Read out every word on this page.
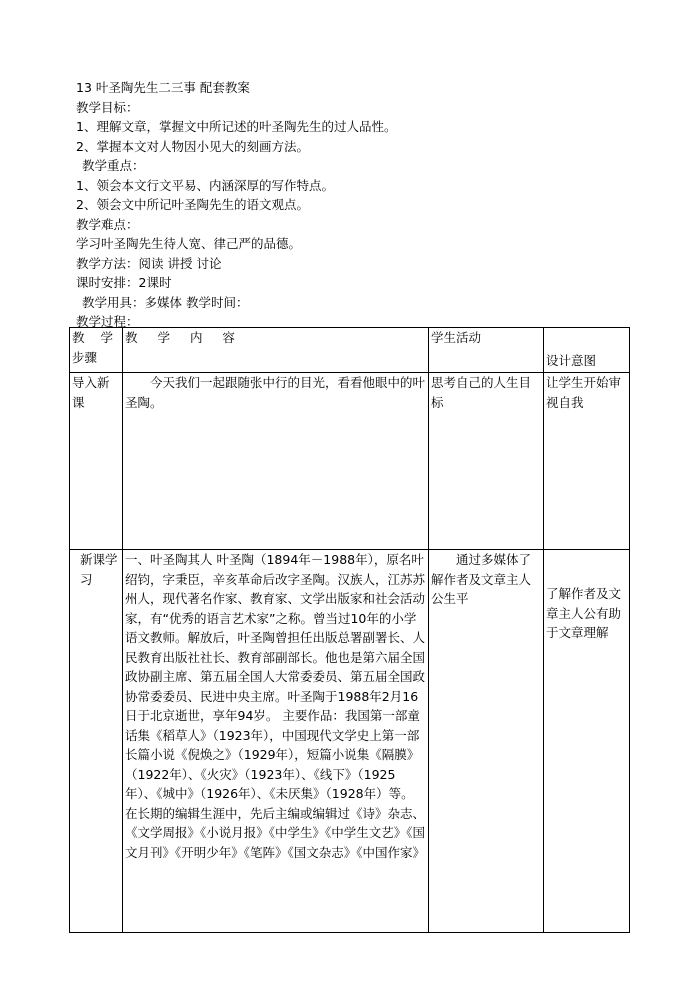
13 叶圣陶先生二三事 配套教案
教学目标：
1、理解文章，掌握文中所记述的叶圣陶先生的过人品性。
2、掌握本文对人物因小见大的刻画方法。
教学重点：
1、领会本文行文平易、内涵深厚的写作特点。
2、领会文中所记叶圣陶先生的语文观点。
教学难点：
学习叶圣陶先生待人宽、律己严的品德。
教学方法：阅读 讲授 讨论
课时安排：2课时
教学用具：多媒体 教学时间：
教学过程：
教 学
步骤	教 学 内 容	学生活动	设计意图
导入新课	今天我们一起跟随张中行的目光，看看他眼中的叶圣陶。	思考自己的人生目标	让学生开始审视自我
新课学习	一、叶圣陶其人 叶圣陶（1894年－1988年），原名叶绍钧，字秉臣，辛亥革命后改字圣陶。汉族人，江苏苏州人，现代著名作家、教育家、文学出版家和社会活动家，有“优秀的语言艺术家”之称。曾当过10年的小学语文教师。解放后，叶圣陶曾担任出版总署副署长、人民教育出版社社长、教育部副部长。他也是第六届全国政协副主席、第五届全国人大常委委员、第五届全国政协常委委员、民进中央主席。叶圣陶于1988年2月16日于北京逝世，享年94岁。 主要作品：我国第一部童话集《稻草人》（1923年），中国现代文学史上第一部长篇小说《倪焕之》（1929年），短篇小说集《隔膜》（1922年）、《火灾》（1923年）、《线下》（1925年）、《城中》（1926年）、《未厌集》（1928年）等。在长期的编辑生涯中，先后主编或编辑过《诗》杂志、《文学周报》《小说月报》《中学生》《中学生文艺》《国文月刊》《开明少年》《笔阵》《国文杂志》《中国作家》	通过多媒体了解作者及文章主人公生平	了解作者及文章主人公有助于文章理解
